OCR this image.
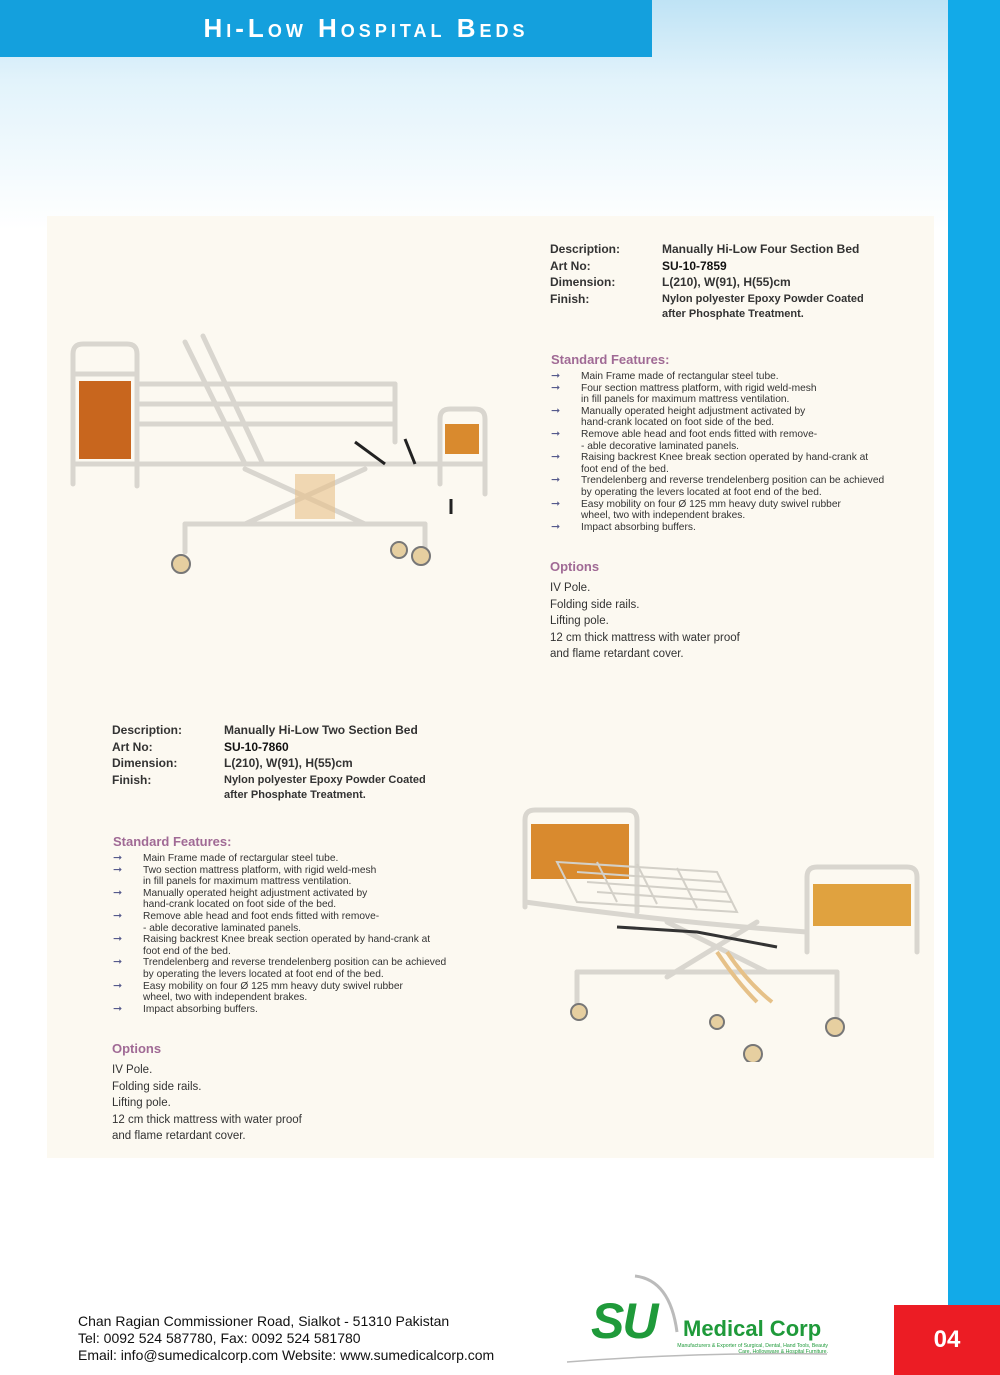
Hi-Low Hospital Beds
Description:	Manually Hi-Low Four Section Bed
Art No:	SU-10-7859
Dimension:	L(210), W(91), H(55)cm
Finish:	Nylon polyester Epoxy Powder Coated
after Phosphate Treatment.
Standard Features:
➞	Main Frame made of rectangular steel tube.
➞	Four section mattress platform, with rigid weld-mesh
in fill panels for maximum mattress ventilation.
➞	Manually operated height adjustment activated by
hand-crank located on foot side of the bed.
➞	Remove able head and foot ends fitted with remove-
- able decorative laminated panels.
➞	Raising backrest Knee break section operated by hand-crank at
foot end of the bed.
➞	Trendelenberg and reverse trendelenberg position can be achieved
by operating the levers located at foot end of the bed.
➞	Easy mobility on four Ø 125 mm heavy duty swivel rubber
wheel, two with independent brakes.
➞	Impact absorbing buffers.
Options
IV Pole.
Folding side rails.
Lifting pole.
12 cm thick mattress with water proof
and flame retardant cover.
Description:	Manually Hi-Low Two Section Bed
Art No:	SU-10-7860
Dimension:	L(210), W(91), H(55)cm
Finish:	Nylon polyester Epoxy Powder Coated
after Phosphate Treatment.
Standard Features:
➞	Main Frame made of rectargular steel tube.
➞	Two section mattress platform, with rigid weld-mesh
in fill panels for maximum mattress ventilation.
➞	Manually operated height adjustment activated by
hand-crank located on foot side of the bed.
➞	Remove able head and foot ends fitted with remove-
- able decorative laminated panels.
➞	Raising backrest Knee break section operated by hand-crank at
foot end of the bed.
➞	Trendelenberg and reverse trendelenberg position can be achieved
by operating the levers located at foot end of the bed.
➞	Easy mobility on four Ø 125 mm heavy duty swivel rubber
wheel, two with independent brakes.
➞	Impact absorbing buffers.
Options
IV Pole.
Folding side rails.
Lifting pole.
12 cm thick mattress with water proof
and flame retardant cover.
Chan Ragian Commissioner Road, Sialkot - 51310 Pakistan
Tel: 0092 524 587780, Fax: 0092 524 581780
Email: info@sumedicalcorp.com Website: www.sumedicalcorp.com
SU Medical Corp
Manufacturers & Exporter of Surgical, Dental, Hand Tools, Beauty Care, Hollowware & Hospital Furniture.	04
